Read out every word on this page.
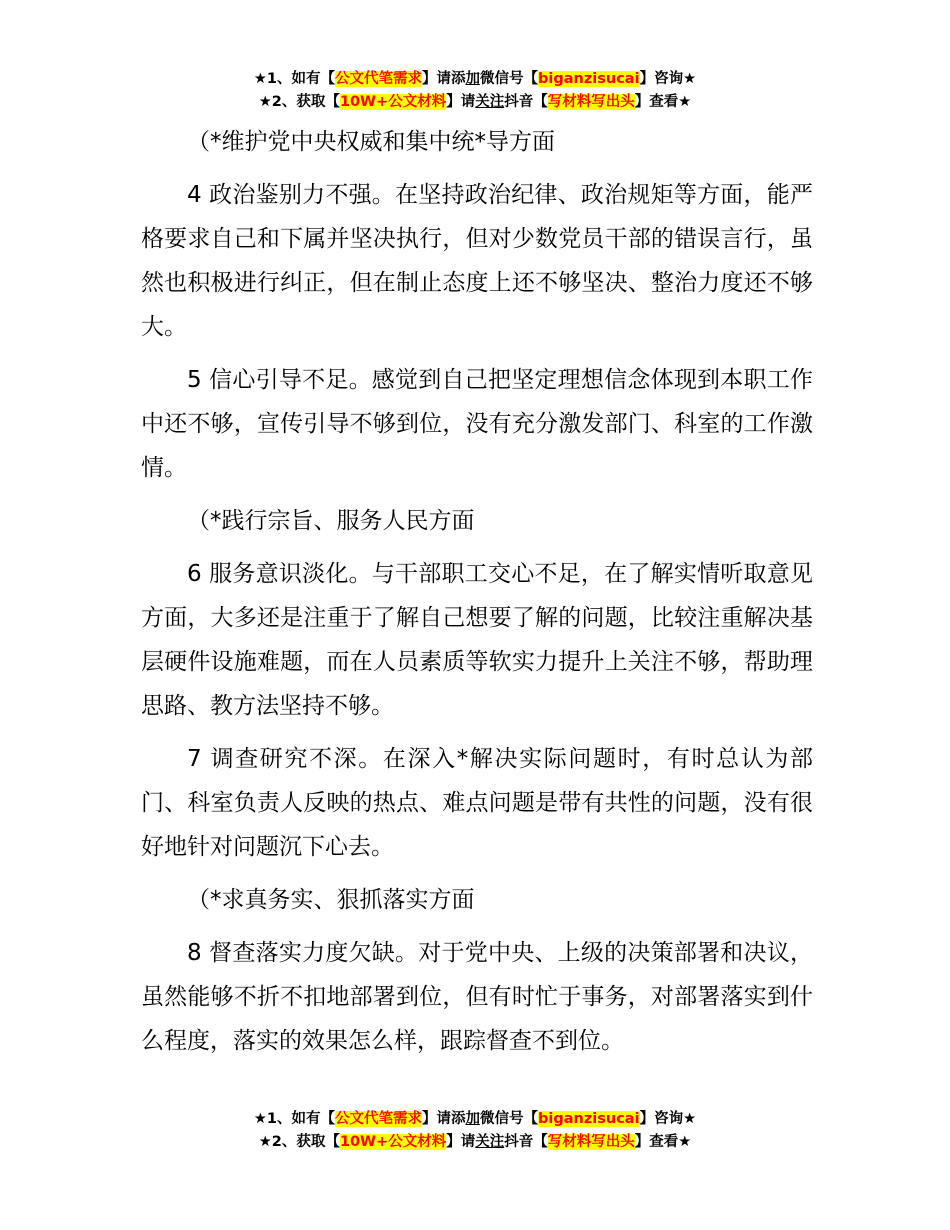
★1、如有【公文代笔需求】请添加微信号【biganzisucai】咨询★
★2、获取【10W+公文材料】请关注抖音【写材料写出头】查看★
（*维护党中央权威和集中统*导方面

4 政治鉴别力不强。在坚持政治纪律、政治规矩等方面，能严格要求自己和下属并坚决执行，但对少数党员干部的错误言行，虽然也积极进行纠正，但在制止态度上还不够坚决、整治力度还不够大。

5 信心引导不足。感觉到自己把坚定理想信念体现到本职工作中还不够，宣传引导不够到位，没有充分激发部门、科室的工作激情。

（*践行宗旨、服务人民方面

6 服务意识淡化。与干部职工交心不足，在了解实情听取意见方面，大多还是注重于了解自己想要了解的问题，比较注重解决基层硬件设施难题，而在人员素质等软实力提升上关注不够，帮助理思路、教方法坚持不够。

7 调查研究不深。在深入*解决实际问题时，有时总认为部门、科室负责人反映的热点、难点问题是带有共性的问题，没有很好地针对问题沉下心去。

（*求真务实、狠抓落实方面

8 督查落实力度欠缺。对于党中央、上级的决策部署和决议，虽然能够不折不扣地部署到位，但有时忙于事务，对部署落实到什么程度，落实的效果怎么样，跟踪督查不到位。

★1、如有【公文代笔需求】请添加微信号【biganzisucai】咨询★
★2、获取【10W+公文材料】请关注抖音【写材料写出头】查看★
